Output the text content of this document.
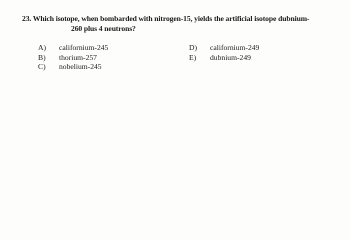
23. Which isotope, when bombarded with nitrogen-15, yields the artificial isotope dubnium-
260 plus 4 neutrons?
A)	californium-245
B)	thorium-257
C)	nobelium-245
D)	californium-249
E)	dubnium-249
